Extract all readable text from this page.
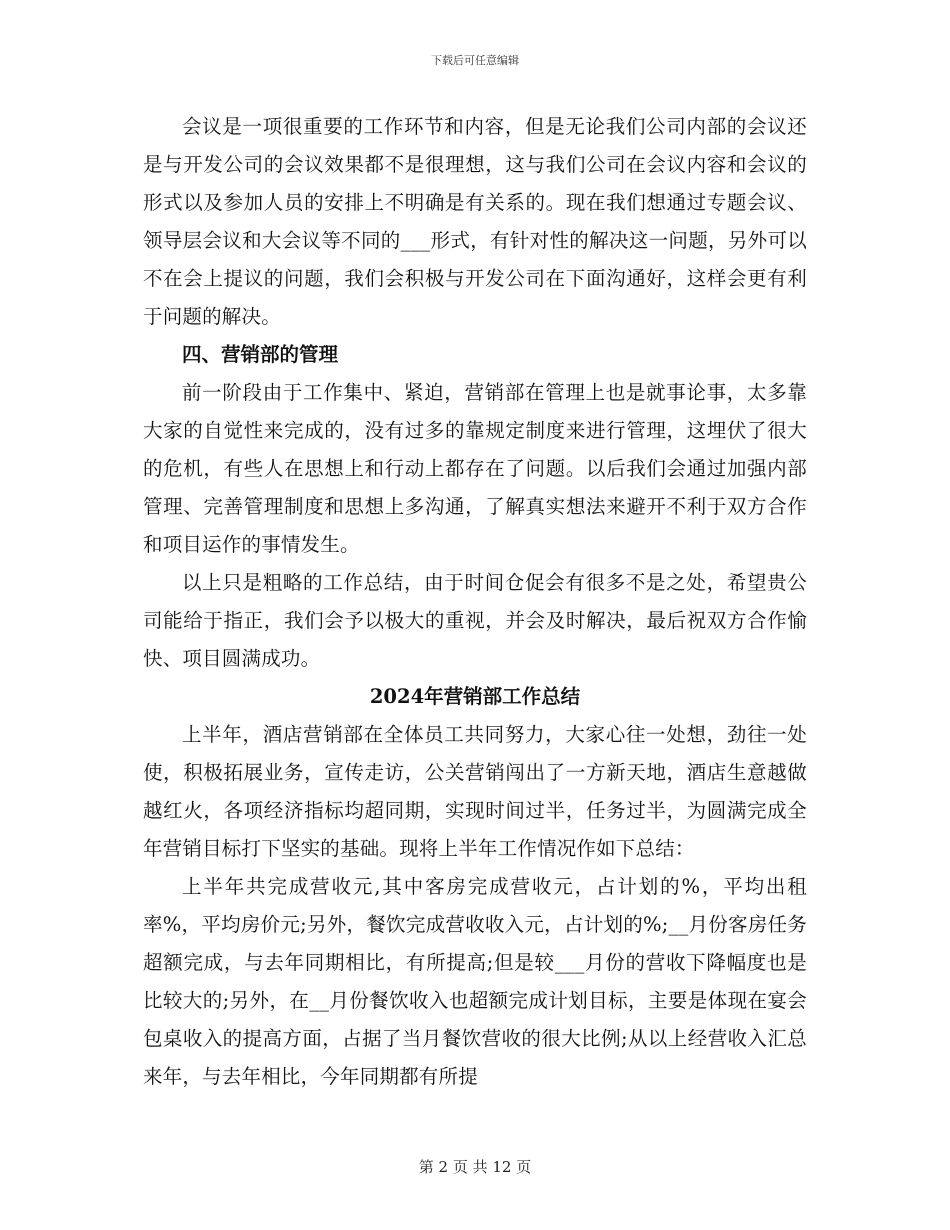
下载后可任意编辑

会议是一项很重要的工作环节和内容，但是无论我们公司内部的会议还是与开发公司的会议效果都不是很理想，这与我们公司在会议内容和会议的形式以及参加人员的安排上不明确是有关系的。现在我们想通过专题会议、领导层会议和大会议等不同的___形式，有针对性的解决这一问题，另外可以不在会上提议的问题，我们会积极与开发公司在下面沟通好，这样会更有利于问题的解决。

四、营销部的管理

前一阶段由于工作集中、紧迫，营销部在管理上也是就事论事，太多靠大家的自觉性来完成的，没有过多的靠规定制度来进行管理，这埋伏了很大的危机，有些人在思想上和行动上都存在了问题。以后我们会通过加强内部管理、完善管理制度和思想上多沟通，了解真实想法来避开不利于双方合作和项目运作的事情发生。

以上只是粗略的工作总结，由于时间仓促会有很多不是之处，希望贵公司能给于指正，我们会予以极大的重视，并会及时解决，最后祝双方合作愉快、项目圆满成功。

2024年营销部工作总结

上半年，酒店营销部在全体员工共同努力，大家心往一处想，劲往一处使，积极拓展业务，宣传走访，公关营销闯出了一方新天地，酒店生意越做越红火，各项经济指标均超同期，实现时间过半，任务过半，为圆满完成全年营销目标打下坚实的基础。现将上半年工作情况作如下总结：

上半年共完成营收元,其中客房完成营收元，占计划的%，平均出租率%，平均房价元;另外，餐饮完成营收收入元，占计划的%;__月份客房任务超额完成，与去年同期相比，有所提高;但是较___月份的营收下降幅度也是比较大的;另外，在__月份餐饮收入也超额完成计划目标，主要是体现在宴会包桌收入的提高方面，占据了当月餐饮营收的很大比例;从以上经营收入汇总来年，与去年相比，今年同期都有所提

第 2 页 共 12 页
